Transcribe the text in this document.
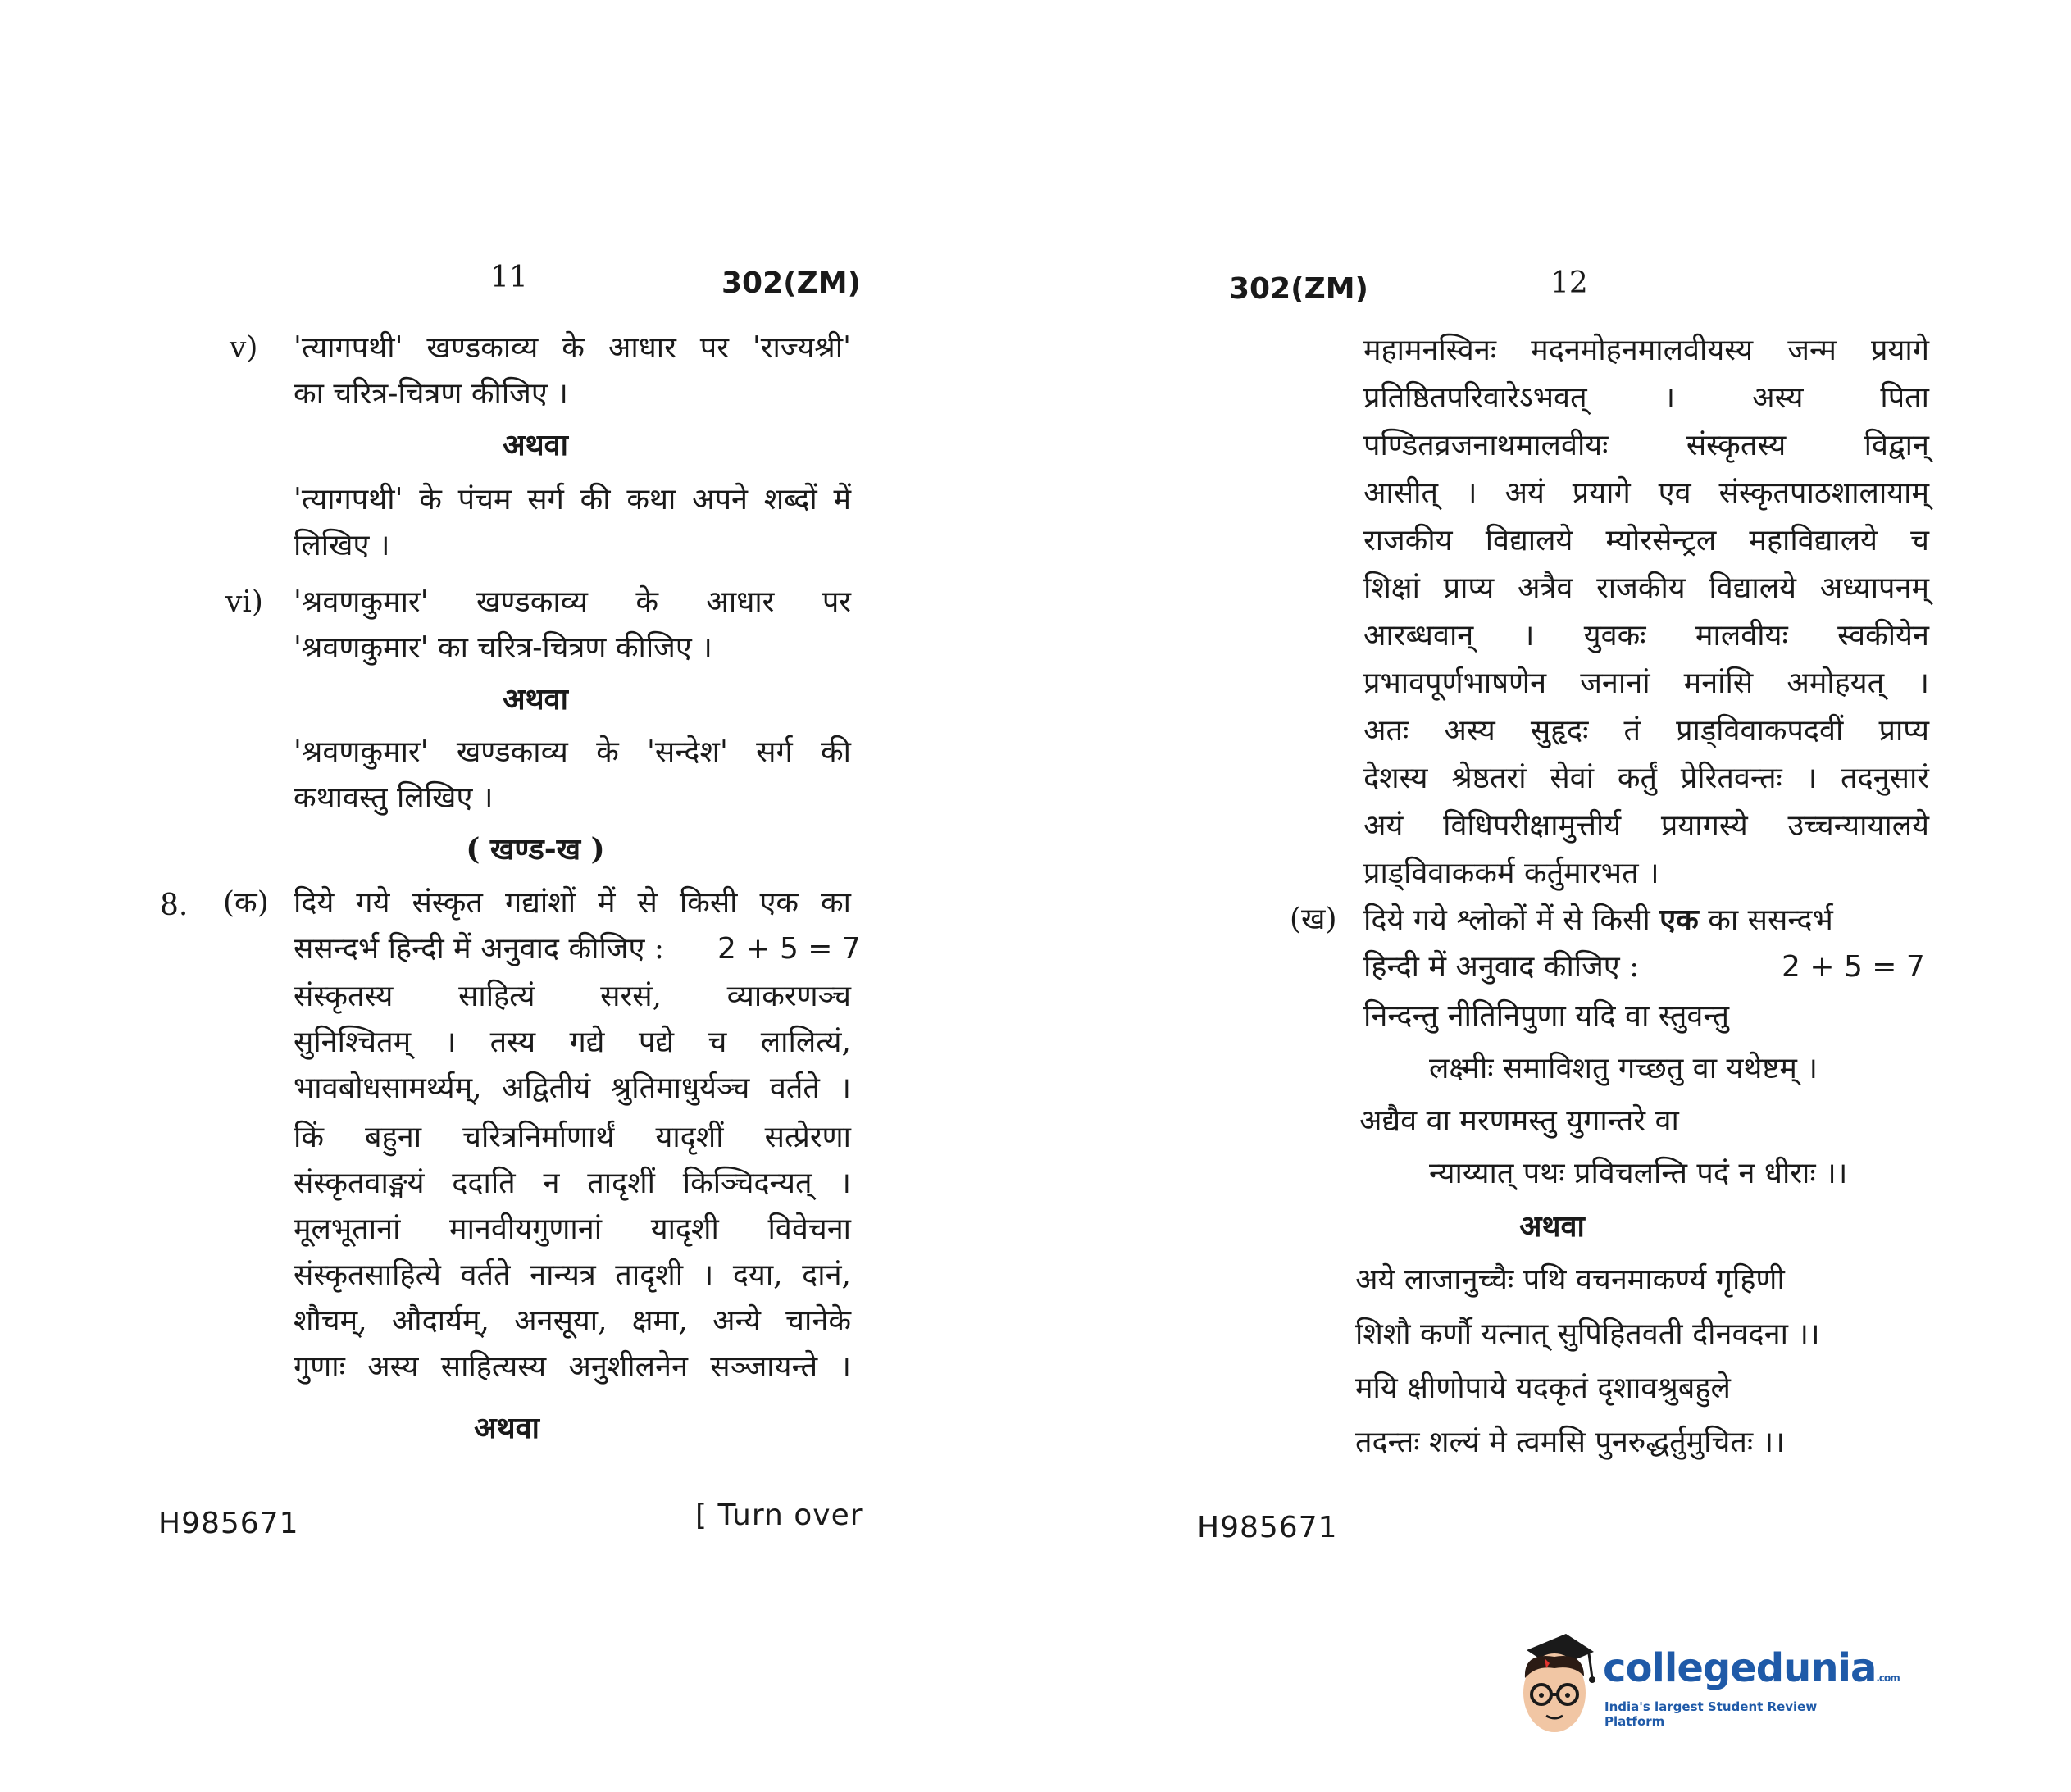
11	302(ZM)
v) 'त्यागपथी' खण्डकाव्य के आधार पर 'राज्यश्री'
का चरित्र-चित्रण कीजिए ।
अथवा
'त्यागपथी' के पंचम सर्ग की कथा अपने शब्दों में
लिखिए ।
vi) 'श्रवणकुमार' खण्डकाव्य के आधार पर
'श्रवणकुमार' का चरित्र-चित्रण कीजिए ।
अथवा
'श्रवणकुमार' खण्डकाव्य के 'सन्देश' सर्ग की
कथावस्तु लिखिए ।
( खण्ड-ख )
8. (क) दिये गये संस्कृत गद्यांशों में से किसी एक का
ससन्दर्भ हिन्दी में अनुवाद कीजिए : 2 + 5 = 7
संस्कृतस्य साहित्यं सरसं, व्याकरणञ्च
सुनिश्चितम् । तस्य गद्ये पद्ये च लालित्यं,
भावबोधसामर्थ्यम्, अद्वितीयं श्रुतिमाधुर्यञ्च वर्तते ।
किं बहुना चरित्रनिर्माणार्थं यादृशीं सत्प्रेरणा
संस्कृतवाङ्मयं ददाति न तादृशीं किञ्चिदन्यत् ।
मूलभूतानां मानवीयगुणानां यादृशी विवेचना
संस्कृतसाहित्ये वर्तते नान्यत्र तादृशी । दया, दानं,
शौचम्, औदार्यम्, अनसूया, क्षमा, अन्ये चानेके
गुणाः अस्य साहित्यस्य अनुशीलनेन सञ्जायन्ते ।
अथवा
H985671	[ Turn over
302(ZM)	12
महामनस्विनः मदनमोहनमालवीयस्य जन्म प्रयागे
प्रतिष्ठितपरिवारेऽभवत् । अस्य पिता
पण्डितव्रजनाथमालवीयः संस्कृतस्य विद्वान्
आसीत् । अयं प्रयागे एव संस्कृतपाठशालायाम्
राजकीय विद्यालये म्योरसेन्ट्रल महाविद्यालये च
शिक्षां प्राप्य अत्रैव राजकीय विद्यालये अध्यापनम्
आरब्धवान् । युवकः मालवीयः स्वकीयेन
प्रभावपूर्णभाषणेन जनानां मनांसि अमोहयत् ।
अतः अस्य सुहृदः तं प्राड्विवाकपदवीं प्राप्य
देशस्य श्रेष्ठतरां सेवां कर्तुं प्रेरितवन्तः । तदनुसारं
अयं विधिपरीक्षामुत्तीर्य प्रयागस्ये उच्चन्यायालये
प्राड्विवाककर्म कर्तुमारभत ।
(ख) दिये गये श्लोकों में से किसी एक का ससन्दर्भ
हिन्दी में अनुवाद कीजिए :	2 + 5 = 7
निन्दन्तु नीतिनिपुणा यदि वा स्तुवन्तु
लक्ष्मीः समाविशतु गच्छतु वा यथेष्टम् ।
अद्यैव वा मरणमस्तु युगान्तरे वा
न्याय्यात् पथः प्रविचलन्ति पदं न धीराः ।।
अथवा
अये लाजानुच्चैः पथि वचनमाकर्ण्य गृहिणी
शिशौ कर्णौ यत्नात् सुपिहितवती दीनवदना ।।
मयि क्षीणोपाये यदकृतं दृशावश्रुबहुले
तदन्तः शल्यं मे त्वमसि पुनरुद्धर्तुमुचितः ।।
H985671
collegedunia.com
India's largest Student Review Platform
